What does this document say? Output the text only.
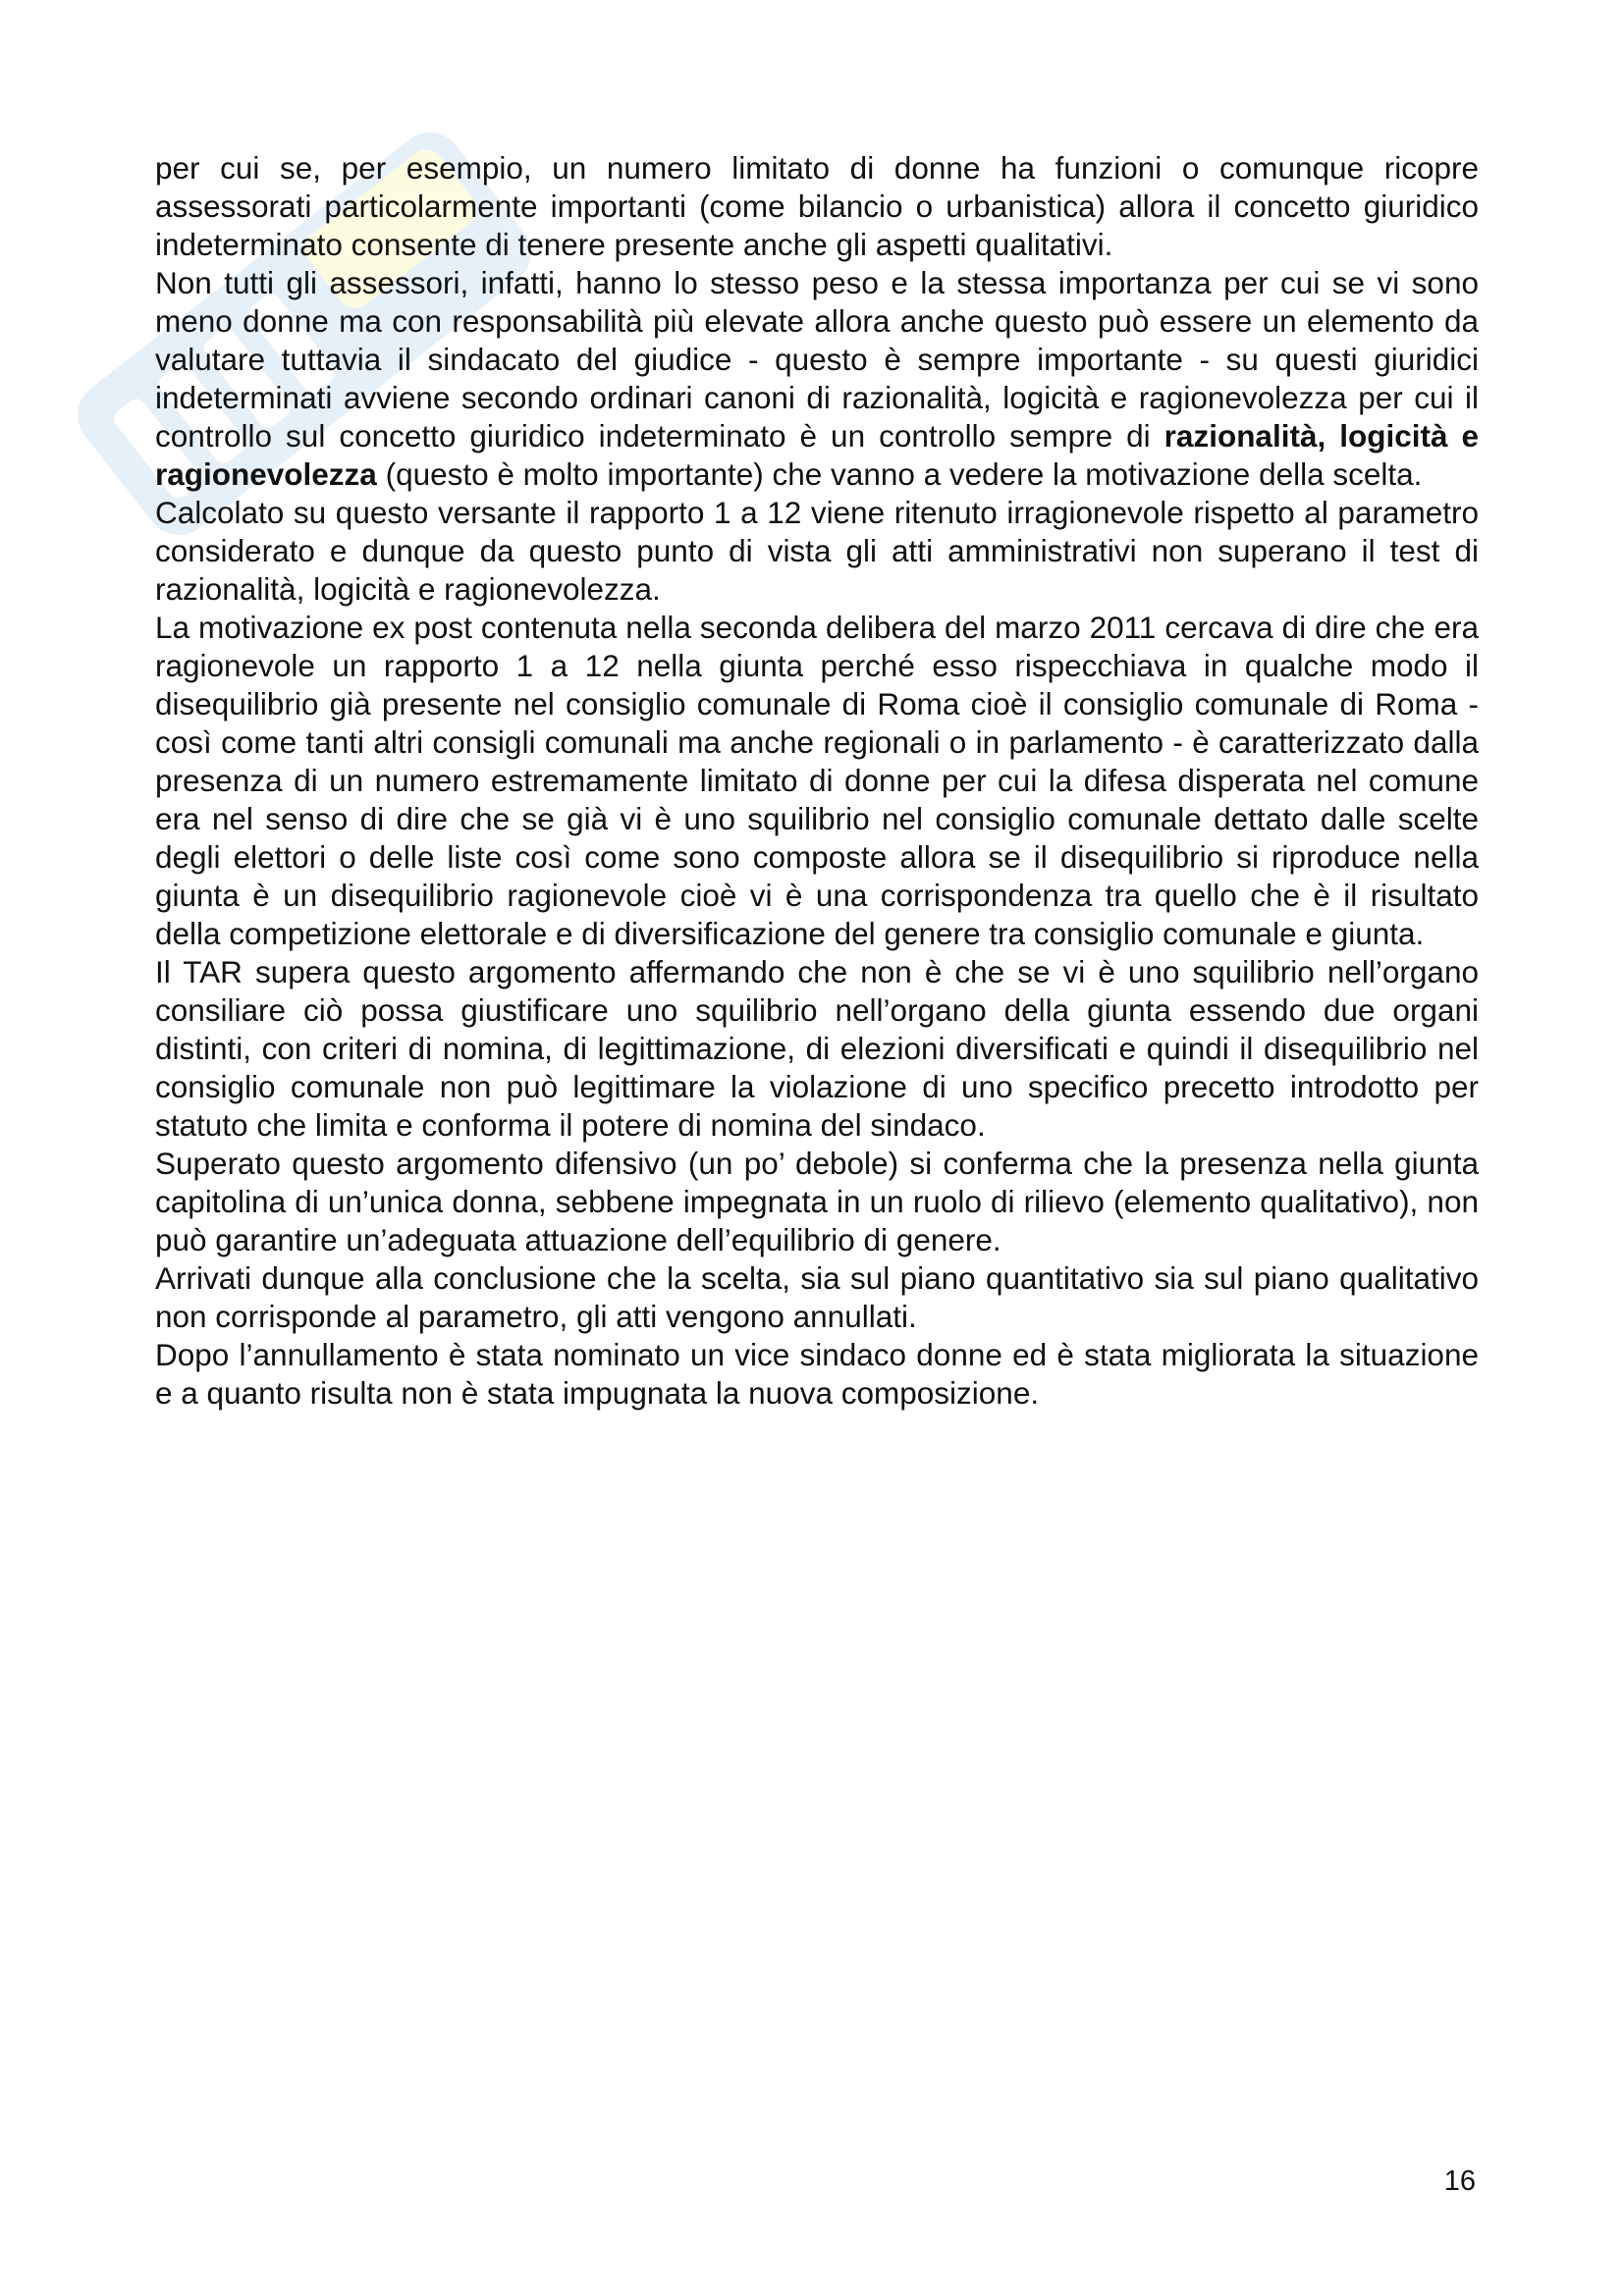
per cui se, per esempio, un numero limitato di donne ha funzioni o comunque ricopre assessorati particolarmente importanti (come bilancio o urbanistica) allora il concetto giuridico indeterminato consente di tenere presente anche gli aspetti qualitativi.

Non tutti gli assessori, infatti, hanno lo stesso peso e la stessa importanza per cui se vi sono meno donne ma con responsabilità più elevate allora anche questo può essere un elemento da valutare tuttavia il sindacato del giudice - questo è sempre importante - su questi giuridici indeterminati avviene secondo ordinari canoni di razionalità, logicità e ragionevolezza per cui il controllo sul concetto giuridico indeterminato è un controllo sempre di razionalità, logicità e ragionevolezza (questo è molto importante) che vanno a vedere la motivazione della scelta.

Calcolato su questo versante il rapporto 1 a 12 viene ritenuto irragionevole rispetto al parametro considerato e dunque da questo punto di vista gli atti amministrativi non superano il test di razionalità, logicità e ragionevolezza.

La motivazione ex post contenuta nella seconda delibera del marzo 2011 cercava di dire che era ragionevole un rapporto 1 a 12 nella giunta perché esso rispecchiava in qualche modo il disequilibrio già presente nel consiglio comunale di Roma cioè il consiglio comunale di Roma - così come tanti altri consigli comunali ma anche regionali o in parlamento - è caratterizzato dalla presenza di un numero estremamente limitato di donne per cui la difesa disperata nel comune era nel senso di dire che se già vi è uno squilibrio nel consiglio comunale dettato dalle scelte degli elettori o delle liste così come sono composte allora se il disequilibrio si riproduce nella giunta è un disequilibrio ragionevole cioè vi è una corrispondenza tra quello che è il risultato della competizione elettorale e di diversificazione del genere tra consiglio comunale e giunta.

Il TAR supera questo argomento affermando che non è che se vi è uno squilibrio nell’organo consiliare ciò possa giustificare uno squilibrio nell’organo della giunta essendo due organi distinti, con criteri di nomina, di legittimazione, di elezioni diversificati e quindi il disequilibrio nel consiglio comunale non può legittimare la violazione di uno specifico precetto introdotto per statuto che limita e conforma il potere di nomina del sindaco.

Superato questo argomento difensivo (un po’ debole) si conferma che la presenza nella giunta capitolina di un’unica donna, sebbene impegnata in un ruolo di rilievo (elemento qualitativo), non può garantire un’adeguata attuazione dell’equilibrio di genere.

Arrivati dunque alla conclusione che la scelta, sia sul piano quantitativo sia sul piano qualitativo non corrisponde al parametro, gli atti vengono annullati.

Dopo l’annullamento è stata nominato un vice sindaco donne ed è stata migliorata la situazione e a quanto risulta non è stata impugnata la nuova composizione.

16
